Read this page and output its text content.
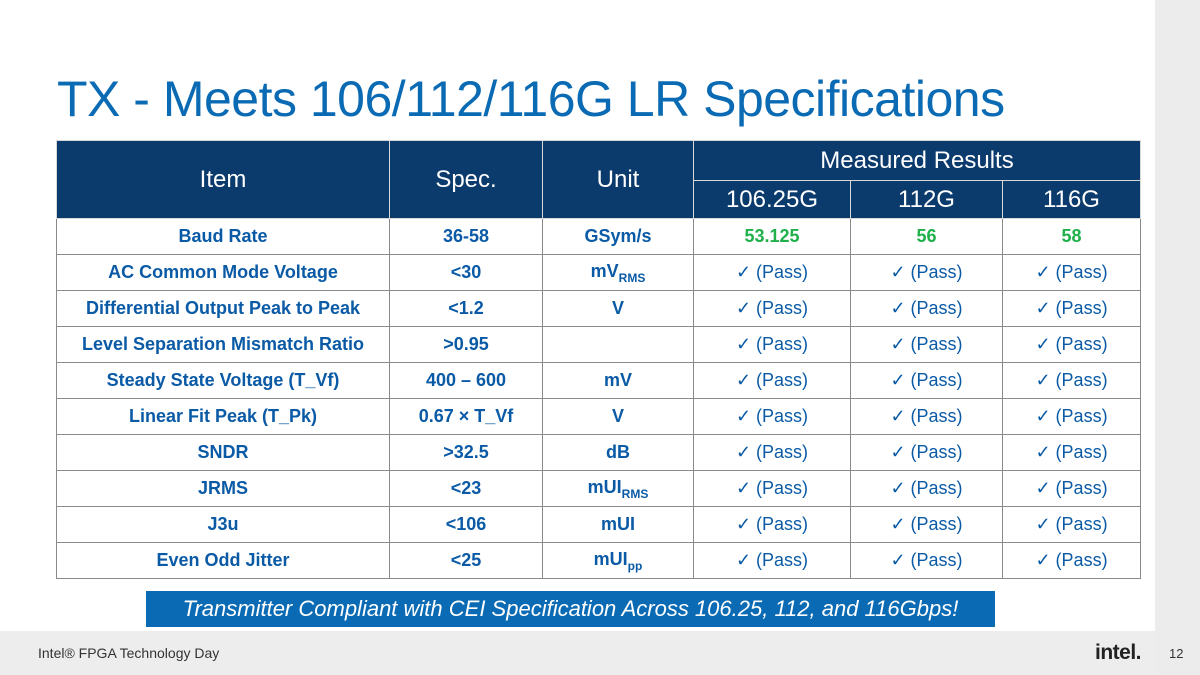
TX - Meets 106/112/116G LR Specifications
Item	Spec.	Unit	Measured Results		
			106.25G	112G	116G
Baud Rate	36-58	GSym/s	53.125	56	58
AC Common Mode Voltage	<30	$mV_{RMS}$	✓ (Pass)	✓ (Pass)	✓ (Pass)
Differential Output Peak to Peak	<1.2	V	✓ (Pass)	✓ (Pass)	✓ (Pass)
Level Separation Mismatch Ratio	>0.95		✓ (Pass)	✓ (Pass)	✓ (Pass)
Steady State Voltage (T_Vf)	400 – 600	mV	✓ (Pass)	✓ (Pass)	✓ (Pass)
Linear Fit Peak (T_Pk)	0.67 × T_Vf	V	✓ (Pass)	✓ (Pass)	✓ (Pass)
SNDR	>32.5	dB	✓ (Pass)	✓ (Pass)	✓ (Pass)
JRMS	<23	mUI$_{RMS}$	✓ (Pass)	✓ (Pass)	✓ (Pass)
J3u	<106	mUI	✓ (Pass)	✓ (Pass)	✓ (Pass)
Even Odd Jitter	<25	mUI$_{pp}$	✓ (Pass)	✓ (Pass)	✓ (Pass)
Transmitter Compliant with CEI Specification Across 106.25, 112, and 116Gbps!
Intel® FPGA Technology Day	intel. 12
